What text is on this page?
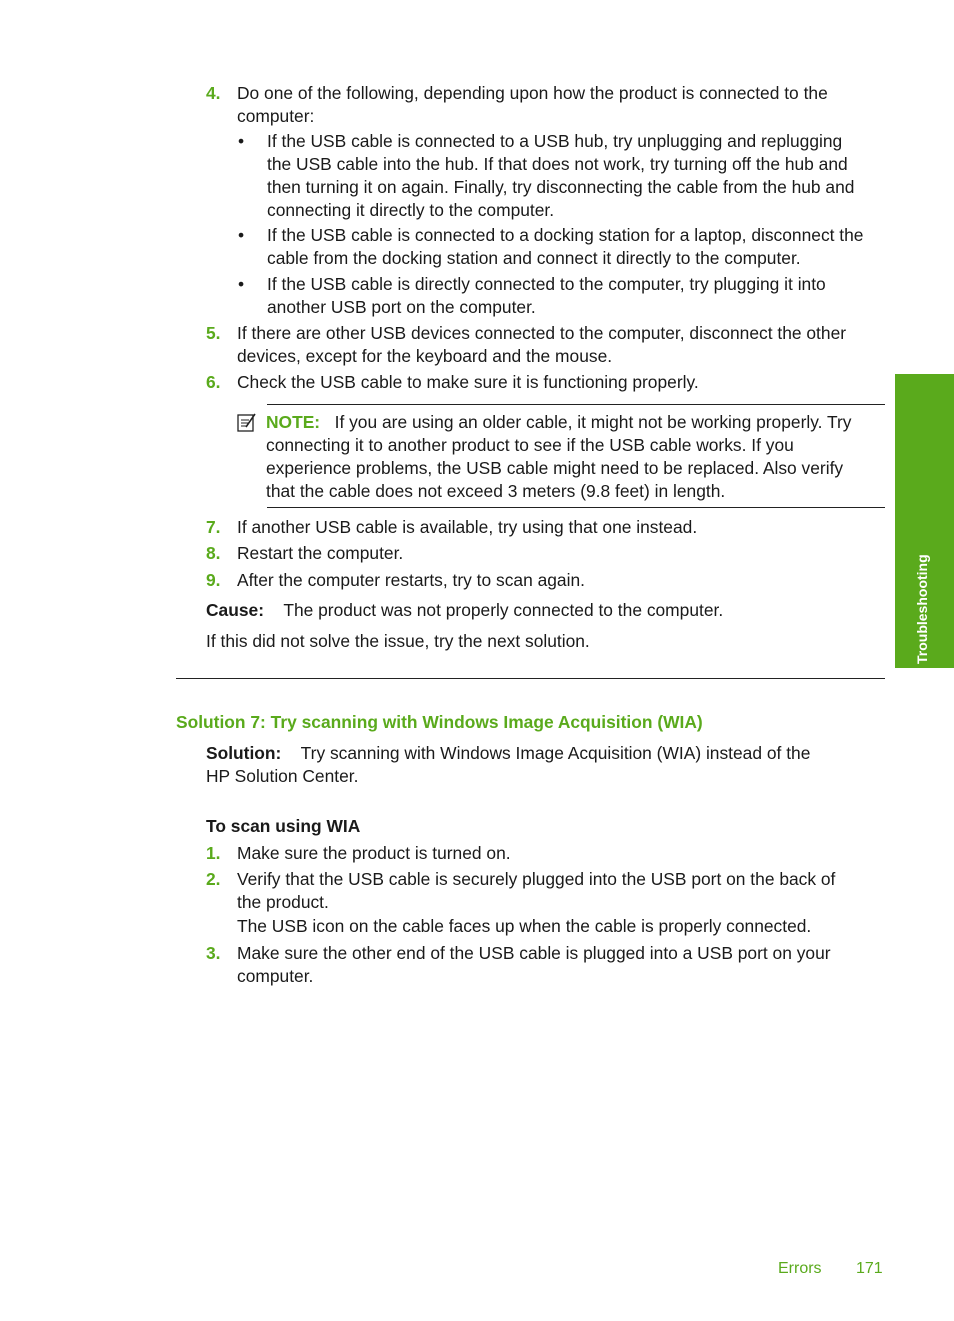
4. Do one of the following, depending upon how the product is connected to the
computer:
• If the USB cable is connected to a USB hub, try unplugging and replugging
the USB cable into the hub. If that does not work, try turning off the hub and
then turning it on again. Finally, try disconnecting the cable from the hub and
connecting it directly to the computer.
• If the USB cable is connected to a docking station for a laptop, disconnect the
cable from the docking station and connect it directly to the computer.
• If the USB cable is directly connected to the computer, try plugging it into
another USB port on the computer.
5. If there are other USB devices connected to the computer, disconnect the other
devices, except for the keyboard and the mouse.
6. Check the USB cable to make sure it is functioning properly.
NOTE: If you are using an older cable, it might not be working properly. Try
connecting it to another product to see if the USB cable works. If you
experience problems, the USB cable might need to be replaced. Also verify
that the cable does not exceed 3 meters (9.8 feet) in length.
7. If another USB cable is available, try using that one instead.
8. Restart the computer.
9. After the computer restarts, try to scan again.
Cause: The product was not properly connected to the computer.
If this did not solve the issue, try the next solution.
Solution 7: Try scanning with Windows Image Acquisition (WIA)
Solution: Try scanning with Windows Image Acquisition (WIA) instead of the
HP Solution Center.
To scan using WIA
1. Make sure the product is turned on.
2. Verify that the USB cable is securely plugged into the USB port on the back of
the product.
The USB icon on the cable faces up when the cable is properly connected.
3. Make sure the other end of the USB cable is plugged into a USB port on your
computer.
Troubleshooting
Errors 171
